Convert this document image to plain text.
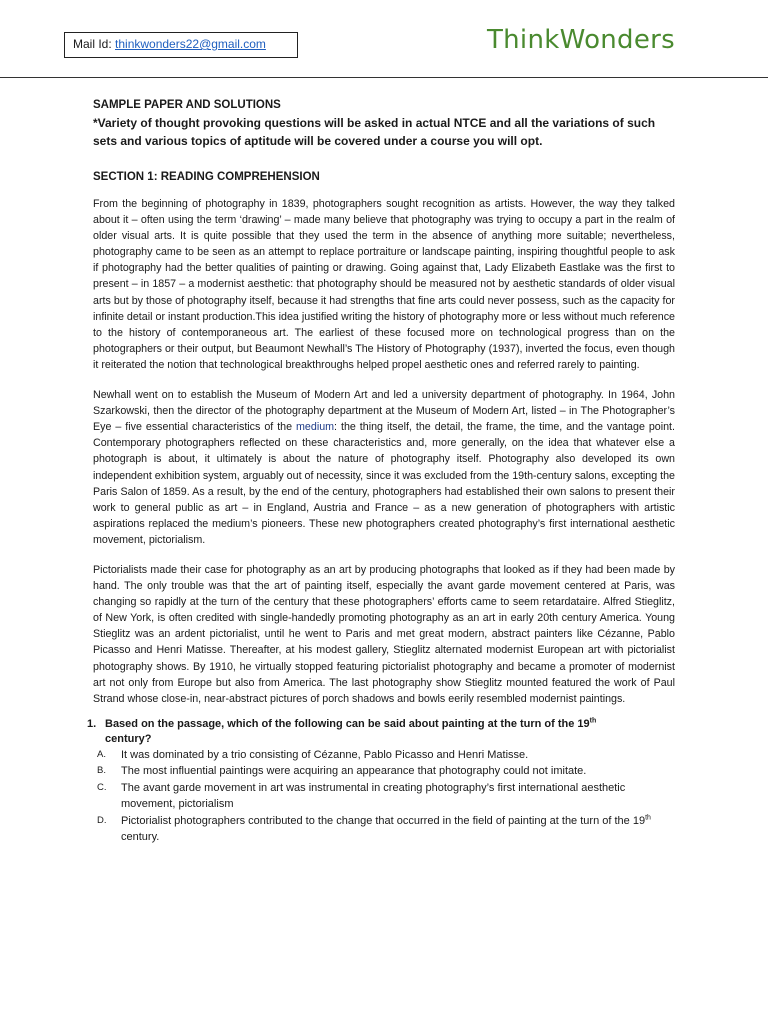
Mail Id: thinkwonders22@gmail.com	ThinkWonders
SAMPLE PAPER AND SOLUTIONS
*Variety of thought provoking questions will be asked in actual NTCE and all the variations of such sets and various topics of aptitude will be covered under a course you will opt.
SECTION 1: READING COMPREHENSION

From the beginning of photography in 1839, photographers sought recognition as artists. However, the way they talked about it – often using the term ‘drawing’ – made many believe that photography was trying to occupy a part in the realm of older visual arts. It is quite possible that they used the term in the absence of anything more suitable; nevertheless, photography came to be seen as an attempt to replace portraiture or landscape painting, inspiring thoughtful people to ask if photography had the better qualities of painting or drawing. Going against that, Lady Elizabeth Eastlake was the first to present – in 1857 – a modernist aesthetic: that photography should be measured not by aesthetic standards of older visual arts but by those of photography itself, because it had strengths that fine arts could never possess, such as the capacity for infinite detail or instant production.This idea justified writing the history of photography more or less without much reference to the history of contemporaneous art. The earliest of these focused more on technological progress than on the photographers or their output, but Beaumont Newhall’s The History of Photography (1937), inverted the focus, even though it reiterated the notion that technological breakthroughs helped propel aesthetic ones and referred rarely to painting.

Newhall went on to establish the Museum of Modern Art and led a university department of photography. In 1964, John Szarkowski, then the director of the photography department at the Museum of Modern Art, listed – in The Photographer’s Eye – five essential characteristics of the medium: the thing itself, the detail, the frame, the time, and the vantage point. Contemporary photographers reflected on these characteristics and, more generally, on the idea that whatever else a photograph is about, it ultimately is about the nature of photography itself. Photography also developed its own independent exhibition system, arguably out of necessity, since it was excluded from the 19th-century salons, excepting the Paris Salon of 1859. As a result, by the end of the century, photographers had established their own salons to present their work to general public as art – in England, Austria and France – as a new generation of photographers with artistic aspirations replaced the medium’s pioneers. These new photographers created photography’s first international aesthetic movement, pictorialism.

Pictorialists made their case for photography as an art by producing photographs that looked as if they had been made by hand. The only trouble was that the art of painting itself, especially the avant garde movement centered at Paris, was changing so rapidly at the turn of the century that these photographers’ efforts came to seem retardataire. Alfred Stieglitz, of New York, is often credited with single-handedly promoting photography as an art in early 20th century America. Young Stieglitz was an ardent pictorialist, until he went to Paris and met great modern, abstract painters like Cézanne, Pablo Picasso and Henri Matisse. Thereafter, at his modest gallery, Stieglitz alternated modernist European art with pictorialist photography shows. By 1910, he virtually stopped featuring pictorialist photography and became a promoter of modernist art not only from Europe but also from America. The last photography show Stieglitz mounted featured the work of Paul Strand whose close-in, near-abstract pictures of porch shadows and bowls eerily resembled modernist paintings.

1. Based on the passage, which of the following can be said about painting at the turn of the 19th century?
A.	It was dominated by a trio consisting of Cézanne, Pablo Picasso and Henri Matisse.
B.	The most influential paintings were acquiring an appearance that photography could not imitate.
C.	The avant garde movement in art was instrumental in creating photography’s first international aesthetic movement, pictorialism
D.	Pictorialist photographers contributed to the change that occurred in the field of painting at the turn of the 19th century.
